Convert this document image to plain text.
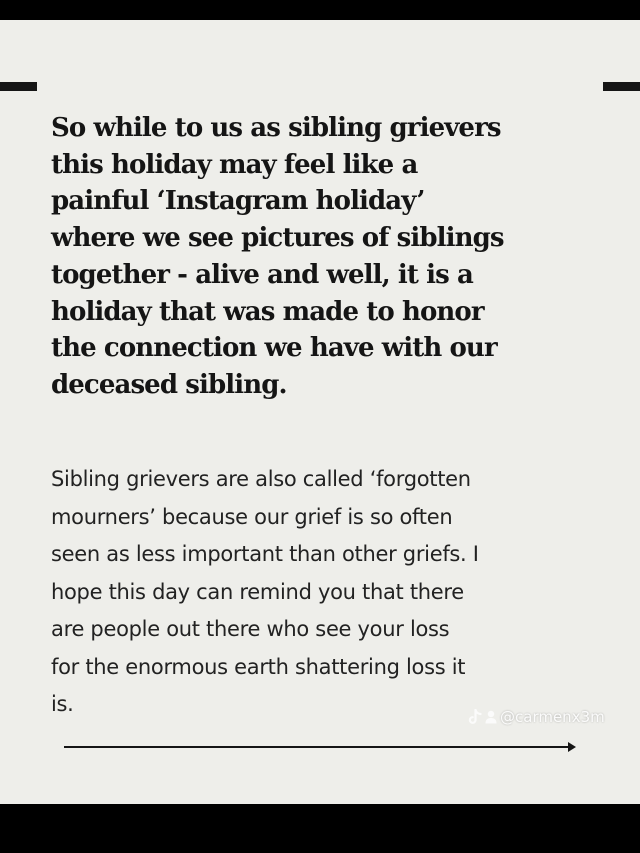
So while to us as sibling grievers
this holiday may feel like a
painful ‘Instagram holiday’
where we see pictures of siblings
together - alive and well, it is a
holiday that was made to honor
the connection we have with our
deceased sibling.

Sibling grievers are also called ‘forgotten
mourners’ because our grief is so often
seen as less important than other griefs. I
hope this day can remind you that there
are people out there who see your loss
for the enormous earth shattering loss it
is.

@carmenx3m
